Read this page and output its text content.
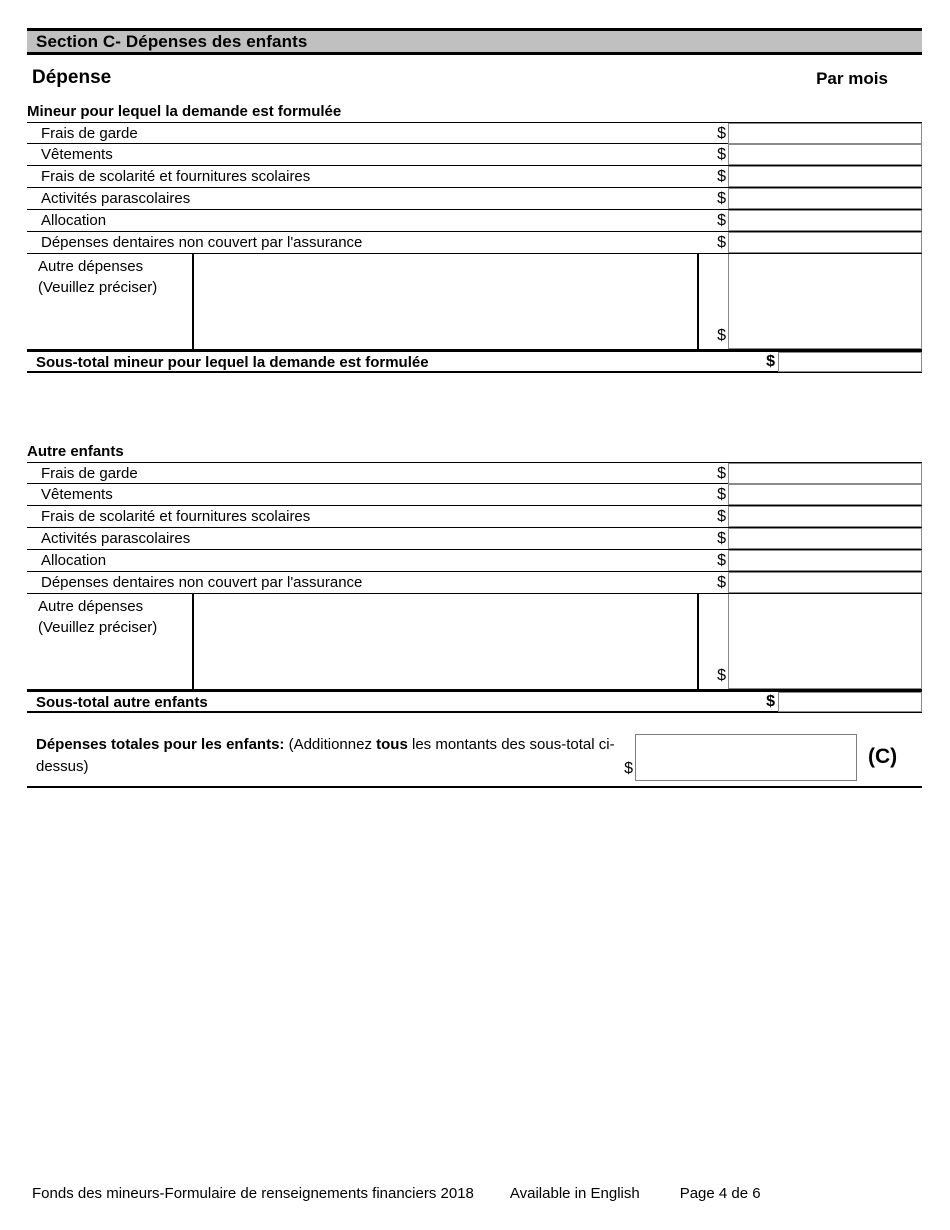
Section C- Dépenses des enfants
Dépense	Par mois
Mineur pour lequel la demande est formulée
Frais de garde	$
Vêtements	$
Frais de scolarité et fournitures scolaires	$
Activités parascolaires	$
Allocation	$
Dépenses dentaires non couvert par l'assurance	$
Autre dépenses
(Veuillez préciser)
$
Sous-total mineur pour lequel la demande est formulée	$
Autre enfants
Frais de garde	$
Vêtements	$
Frais de scolarité et fournitures scolaires	$
Activités parascolaires	$
Allocation	$
Dépenses dentaires non couvert par l'assurance	$
Autre dépenses
(Veuillez préciser)
$
Sous-total autre enfants	$
Dépenses totales pour les enfants: (Additionnez tous les montants des sous-total ci-dessus)	$
(C)
Fonds des mineurs-Formulaire de renseignements financiers 2018 Available in English	Page 4 de 6
